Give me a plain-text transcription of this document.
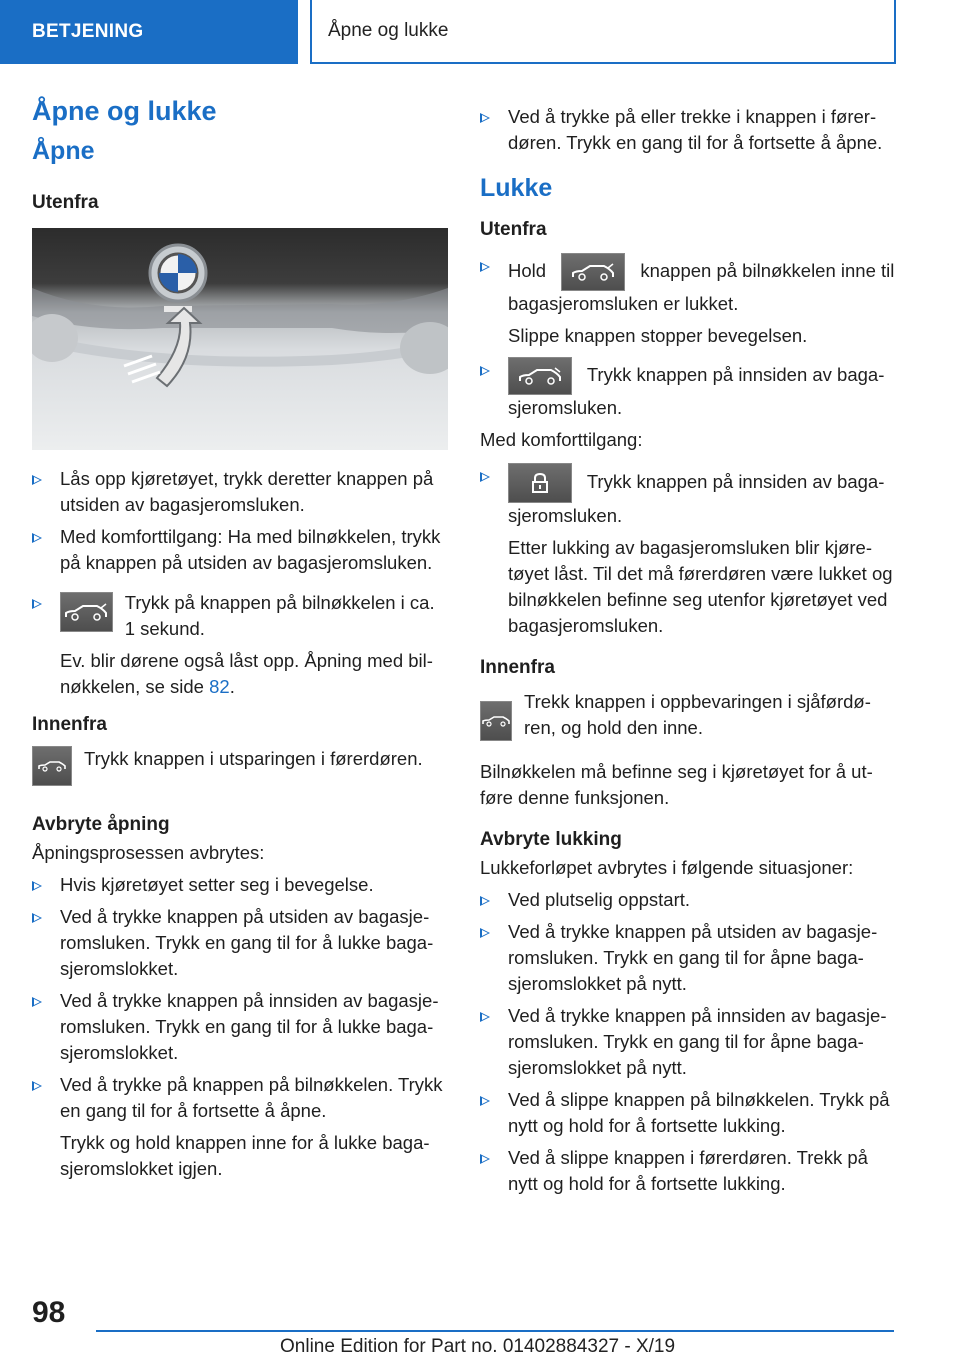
BETJENING	Åpne og lukke
Åpne og lukke
Åpne
Utenfra
Lås opp kjøretøyet, trykk deretter knappen på utsiden av bagasjeromsluken.
Med komforttilgang: Ha med bilnøkkelen, trykk på knappen på utsiden av bagasjeromsluken.
Trykk på knappen på bilnøkkelen i ca. 1 sekund.
Ev. blir dørene også låst opp. Åpning med bilnøkkelen, se side 82.
Innenfra

Trykk knappen i utsparingen i førerdøren.

Avbryte åpning

Åpningsprosessen avbrytes:

Hvis kjøretøyet setter seg i bevegelse.
Ved å trykke knappen på utsiden av bagasjeromsluken. Trykk en gang til for å lukke bagasjeromslokket.
Ved å trykke knappen på innsiden av bagasjeromsluken. Trykk en gang til for å lukke bagasjeromslokket.
Ved å trykke på knappen på bilnøkkelen. Trykk en gang til for å fortsette å åpne.
Trykk og hold knappen inne for å lukke bagasjeromslokket igjen.
Ved å trykke på eller trekke i knappen i førerdøren. Trykk en gang til for å fortsette å åpne.
Lukke
Utenfra
Hold	knappen på bilnøkkelen inne til bagasjeromsluken er lukket.
Slippe knappen stopper bevegelsen.
Trykk knappen på innsiden av bagasjeromsluken.

Med komforttilgang:

Trykk knappen på innsiden av bagasjeromsluken.
Etter lukking av bagasjeromsluken blir kjøretøyet låst. Til det må førerdøren være lukket og bilnøkkelen befinne seg utenfor kjøretøyet ved bagasjeromsluken.
Innenfra

Trekk knappen i oppbevaringen i sjåførdøren, og hold den inne.

Bilnøkkelen må befinne seg i kjøretøyet for å utføre denne funksjonen.

Avbryte lukking

Lukkeforløpet avbrytes i følgende situasjoner:

Ved plutselig oppstart.
Ved å trykke knappen på utsiden av bagasjeromsluken. Trykk en gang til for åpne bagasjeromslokket på nytt.
Ved å trykke knappen på innsiden av bagasjeromsluken. Trykk en gang til for åpne bagasjeromslokket på nytt.
Ved å slippe knappen på bilnøkkelen. Trykk på nytt og hold for å fortsette lukking.
Ved å slippe knappen i førerdøren. Trekk på nytt og hold for å fortsette lukking.
98
Online Edition for Part no. 01402884327 - X/19
